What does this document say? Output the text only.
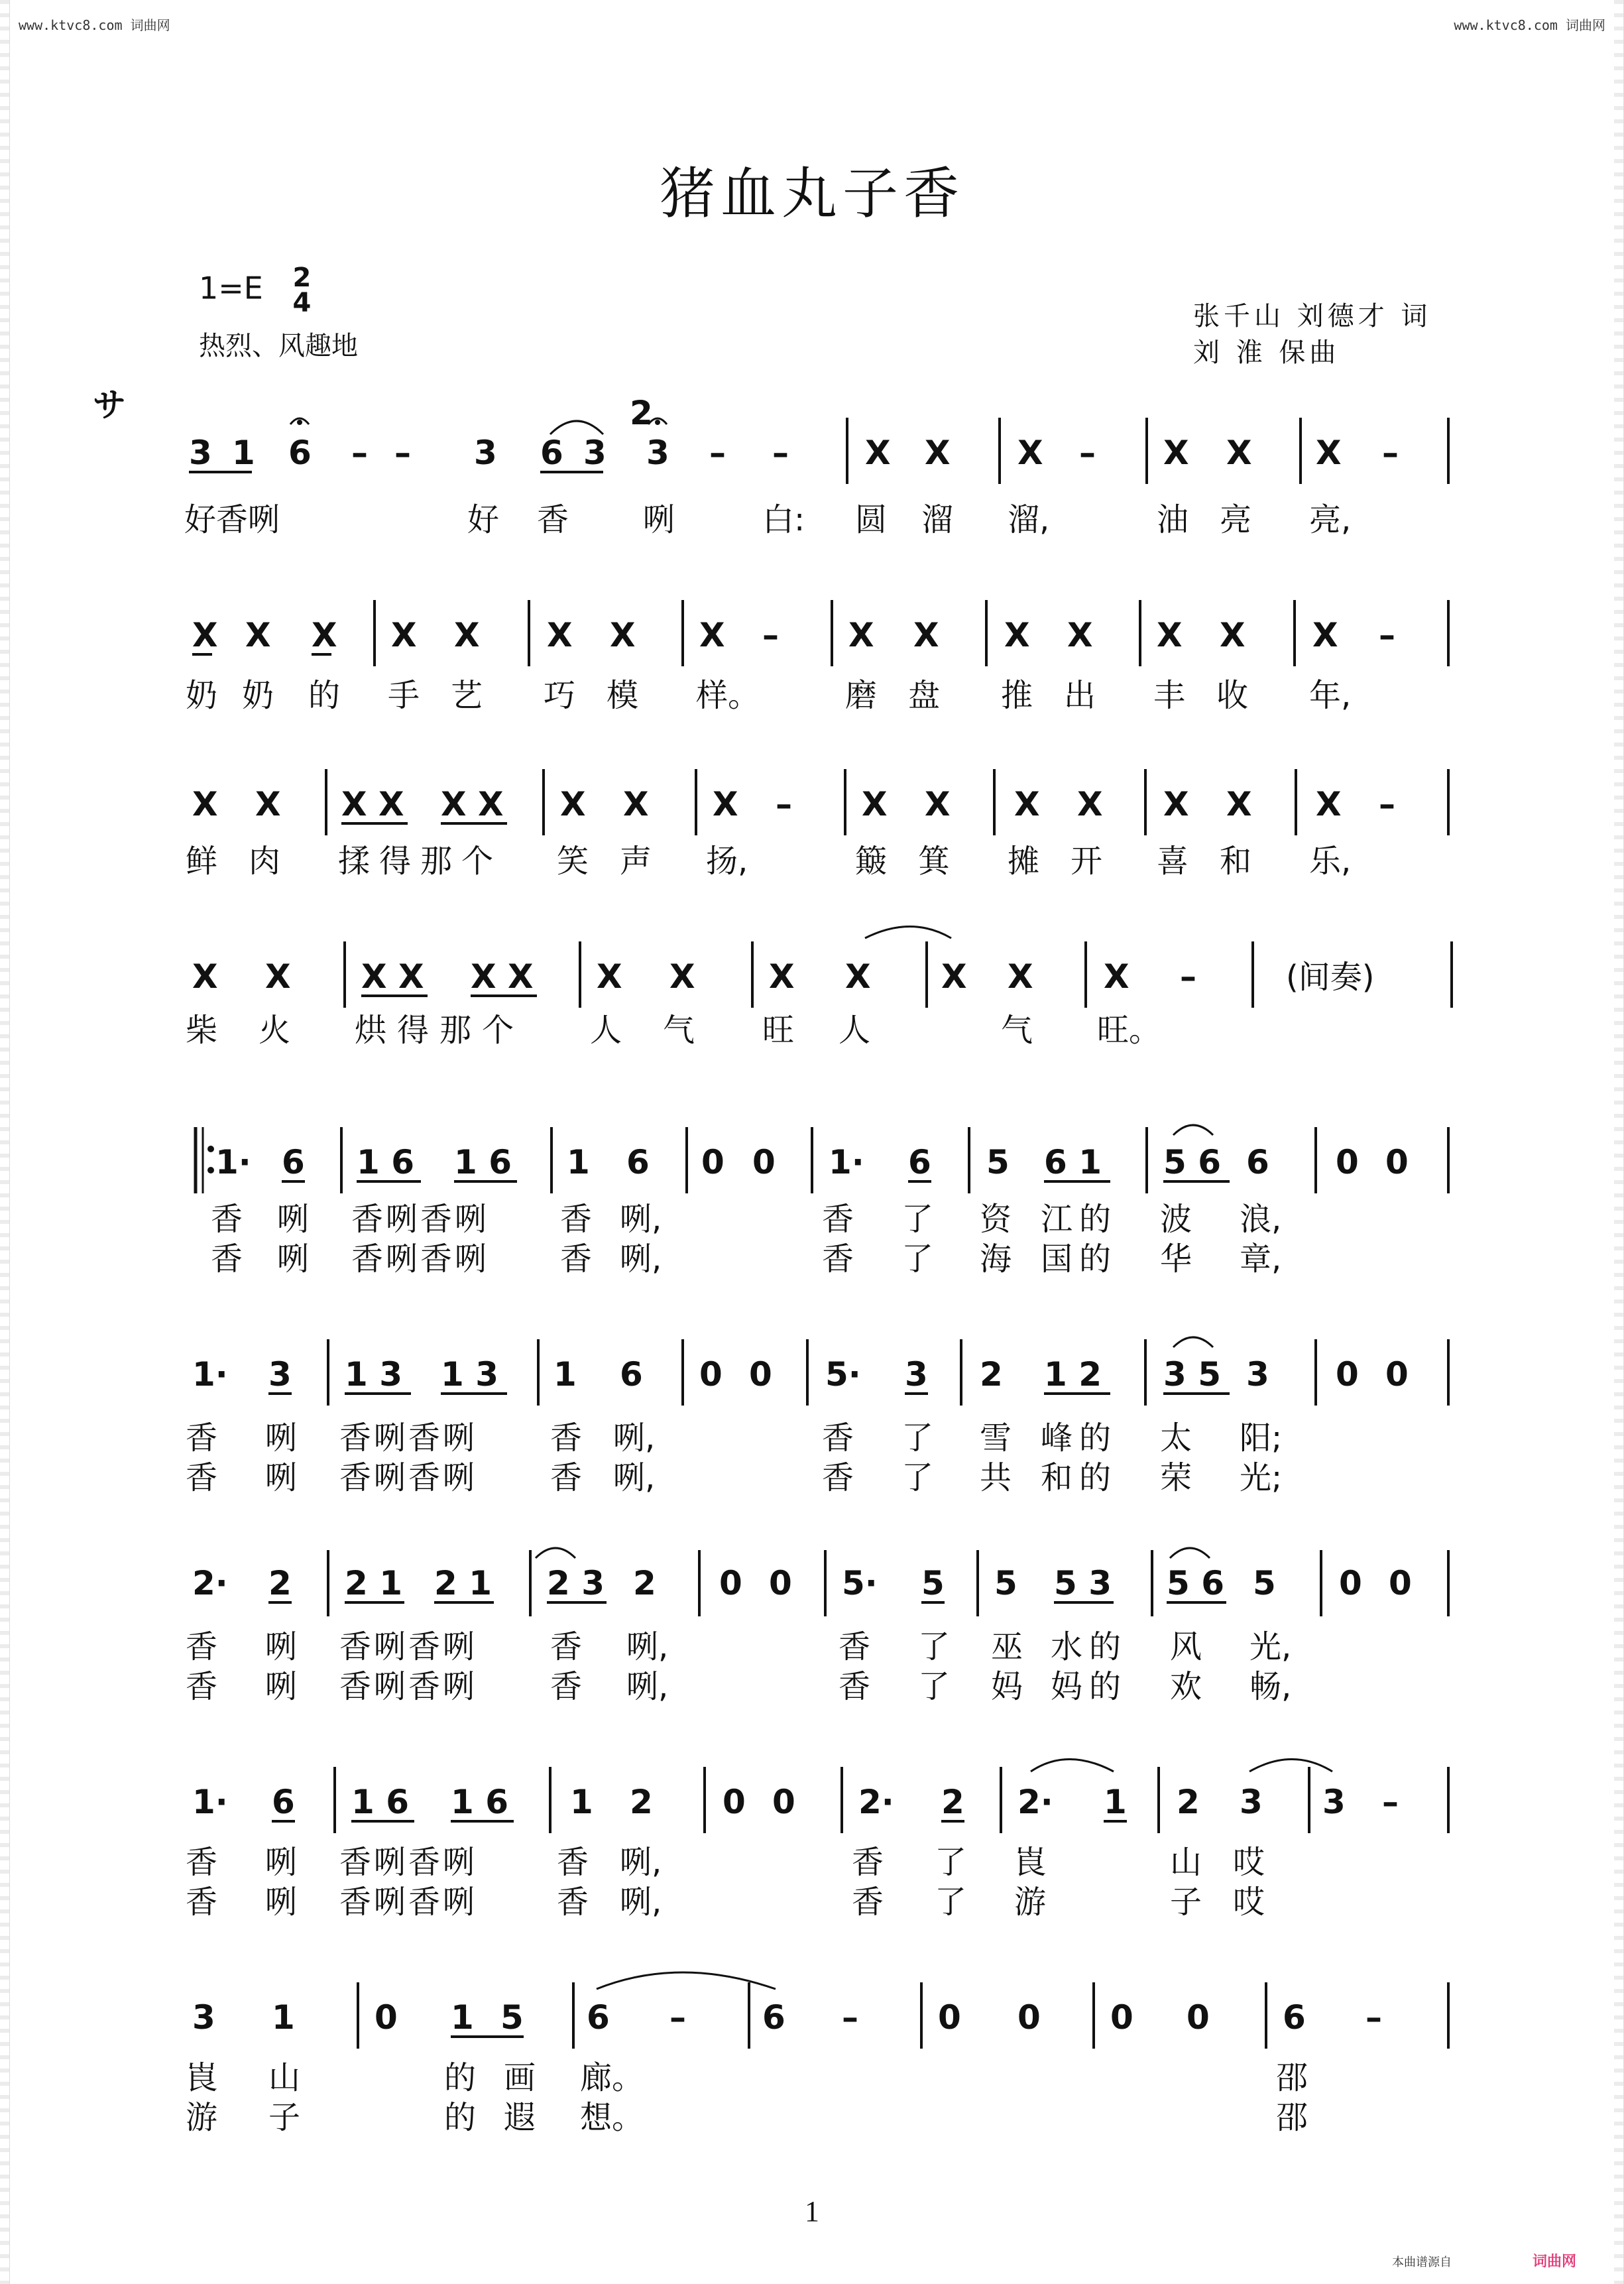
www.ktvc8.com 词曲网	www.ktvc8.com 词曲网
猪血丸子香
1=E 2
4
热烈、风趣地
张千山 刘德才 词
刘 淮 保曲
サ
3 1 6 – – 3 6 3
2
3 – – X X X – X X X –
X X X X X X X X – X X X X X X X –
X X X X X X X X X – X X X X X X X –
X X X X X X X X X X X X X –
1· 6 1 6 1 6 1 6 0 0 1· 6 5 6 1 5 6 6 0 0
1· 3 1 3 1 3 1 6 0 0 5· 3 2 1 2 3 5 3 0 0
2· 2 2 1 2 1 2 3 2 0 0 5· 5 5 5 3 5 6 5 0 0
1· 6 1 6 1 6 1 2 0 0 2· 2 2· 1 2 3 3 –
3 1 0 1 5 6 – 6 – 0 0 0 0 6 –
好香咧	好 香 咧	白: 圆 溜 溜,	油 亮 亮,
奶 奶 的 手 艺 巧 模 样。	磨 盘 推 出 丰 收 年,
鲜 肉 揉得那个 笑 声 扬,	簸 箕 摊 开 喜 和 乐,
柴 火 烘得那个 人 气 旺 人	气 旺。
(间奏)
香 咧 香咧香咧 香 咧,	香 了 资 江的 波 浪,
香 咧 香咧香咧 香 咧,	香 了 海 国的 华 章,
香 咧 香咧香咧 香 咧,	香 了 雪 峰的 太 阳;
香 咧 香咧香咧 香 咧,	香 了 共 和的 荣 光;
香 咧 香咧香咧 香 咧,	香 了 巫 水的 风 光,
香 咧 香咧香咧 香 咧,	香 了 妈 妈的 欢 畅,
香 咧 香咧香咧 香 咧,	香 了 崀	山 哎
香 咧 香咧香咧 香 咧,	香 了 游	子 哎
崀 山	的 画 廊。	邵
游 子	的 遐 想。	邵
1
本曲谱源自	词曲网
